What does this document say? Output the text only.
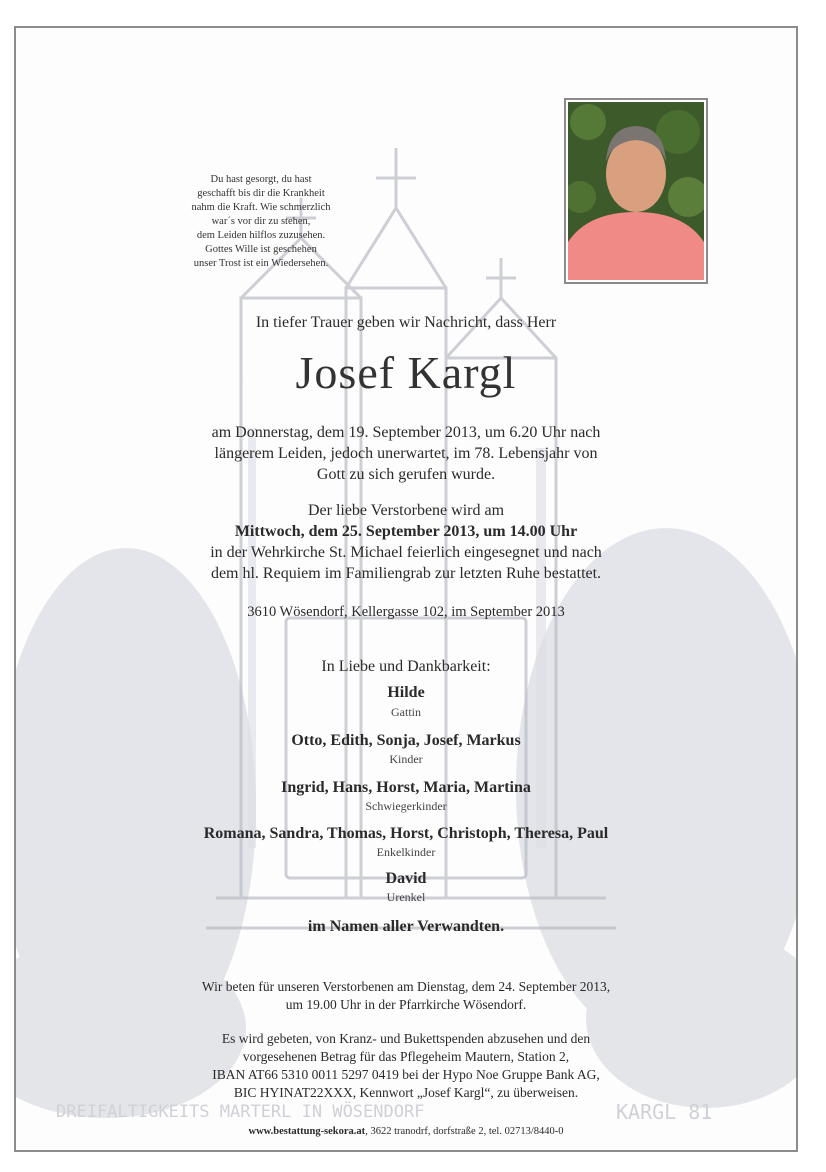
Du hast gesorgt, du hast
geschafft bis dir die Krankheit
nahm die Kraft. Wie schmerzlich
war´s vor dir zu stehen,
dem Leiden hilflos zuzusehen.
Gottes Wille ist geschehen
unser Trost ist ein Wiedersehen.
In tiefer Trauer geben wir Nachricht, dass Herr
Josef Kargl
am Donnerstag, dem 19. September 2013, um 6.20 Uhr nach
längerem Leiden, jedoch unerwartet, im 78. Lebensjahr von
Gott zu sich gerufen wurde.
Der liebe Verstorbene wird am
Mittwoch, dem 25. September 2013, um 14.00 Uhr
in der Wehrkirche St. Michael feierlich eingesegnet und nach
dem hl. Requiem im Familiengrab zur letzten Ruhe bestattet.
3610 Wösendorf, Kellergasse 102, im September 2013
In Liebe und Dankbarkeit:
Hilde
Gattin
Otto, Edith, Sonja, Josef, Markus
Kinder
Ingrid, Hans, Horst, Maria, Martina
Schwiegerkinder
Romana, Sandra, Thomas, Horst, Christoph, Theresa, Paul
Enkelkinder
David
Urenkel
im Namen aller Verwandten.
Wir beten für unseren Verstorbenen am Dienstag, dem 24. September 2013,
um 19.00 Uhr in der Pfarrkirche Wösendorf.
Es wird gebeten, von Kranz- und Bukettspenden abzusehen und den
vorgesehenen Betrag für das Pflegeheim Mautern, Station 2,
IBAN AT66 5310 0011 5297 0419 bei der Hypo Noe Gruppe Bank AG,
BIC HYINAT22XXX, Kennwort „Josef Kargl“, zu überweisen.
DREIFALTIGKEITS MARTERL IN WÖSENDORF	KARGL 81
www.bestattung-sekora.at, 3622 tranodrf, dorfstraße 2, tel. 02713/8440-0
